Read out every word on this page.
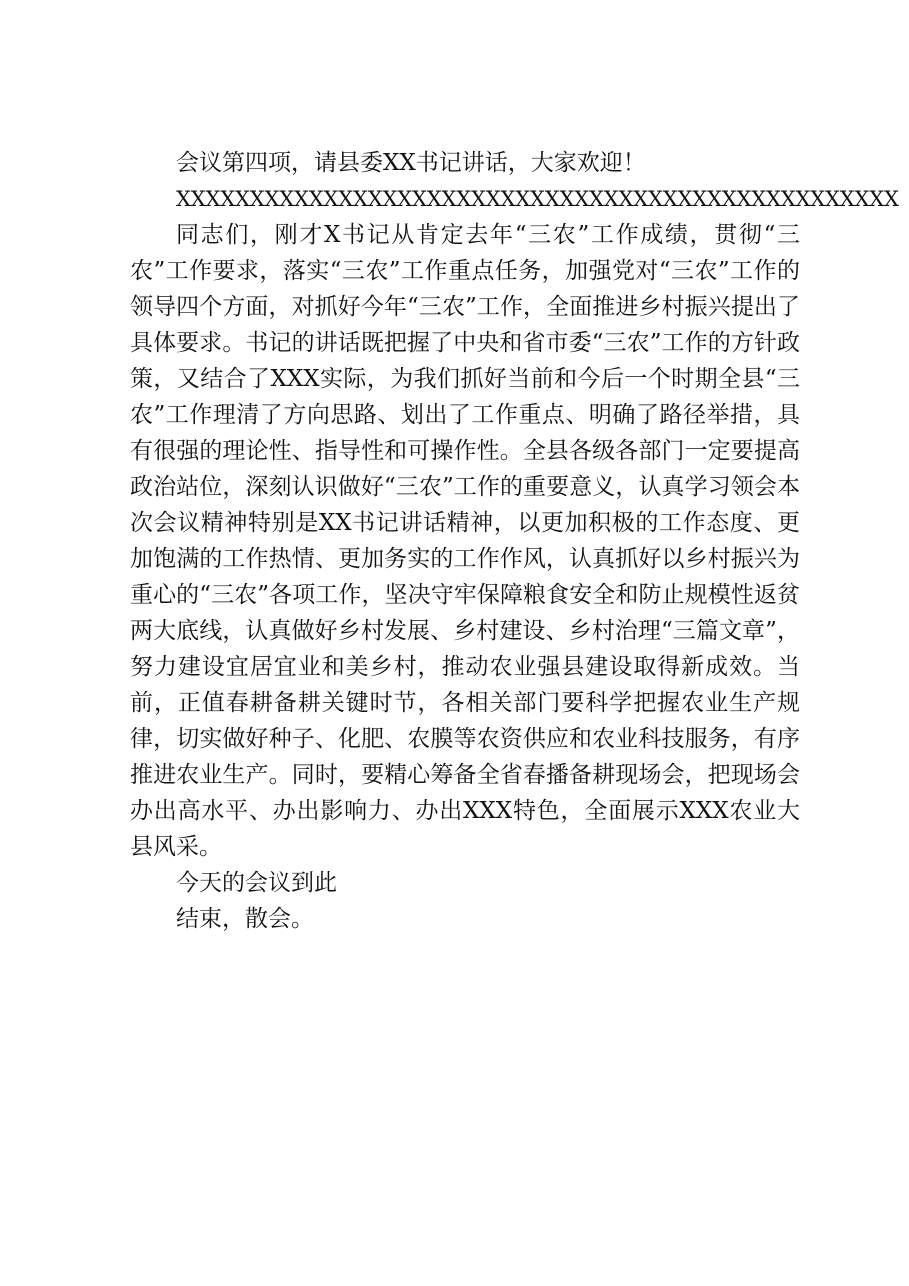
会议第四项，请县委XX书记讲话，大家欢迎！

XXXXXXXXXXXXXXXXXXXXXXXXXXXXXXXXXXXXXXXXXXXXXXXXX

同志们，刚才X书记从肯定去年“三农”工作成绩，贯彻“三农”工作要求，落实“三农”工作重点任务，加强党对“三农”工作的领导四个方面，对抓好今年“三农”工作，全面推进乡村振兴提出了具体要求。书记的讲话既把握了中央和省市委“三农”工作的方针政策，又结合了XXX实际，为我们抓好当前和今后一个时期全县“三农”工作理清了方向思路、划出了工作重点、明确了路径举措，具有很强的理论性、指导性和可操作性。全县各级各部门一定要提高政治站位，深刻认识做好“三农”工作的重要意义，认真学习领会本次会议精神特别是XX书记讲话精神，以更加积极的工作态度、更加饱满的工作热情、更加务实的工作作风，认真抓好以乡村振兴为重心的“三农”各项工作，坚决守牢保障粮食安全和防止规模性返贫两大底线，认真做好乡村发展、乡村建设、乡村治理“三篇文章”，努力建设宜居宜业和美乡村，推动农业强县建设取得新成效。当前，正值春耕备耕关键时节，各相关部门要科学把握农业生产规律，切实做好种子、化肥、农膜等农资供应和农业科技服务，有序推进农业生产。同时，要精心筹备全省春播备耕现场会，把现场会办出高水平、办出影响力、办出XXX特色，全面展示XXX农业大县风采。

今天的会议到此

结束，散会。
